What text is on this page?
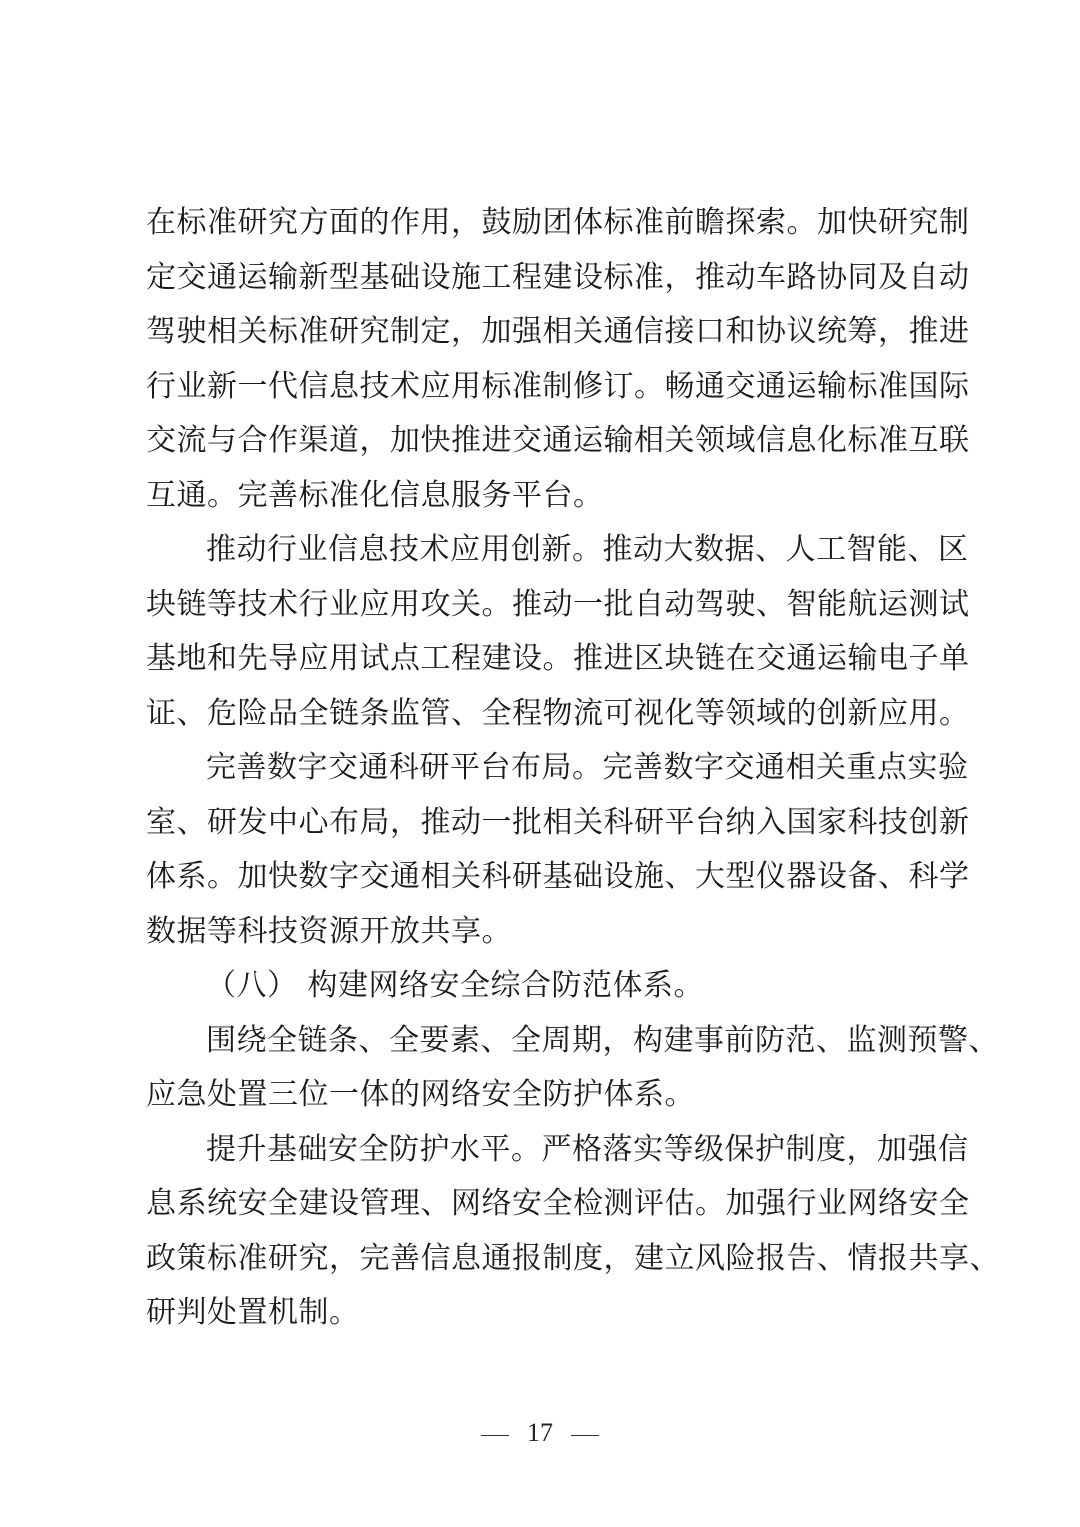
在标准研究方面的作用，鼓励团体标准前瞻探索。加快研究制
定交通运输新型基础设施工程建设标准，推动车路协同及自动
驾驶相关标准研究制定，加强相关通信接口和协议统筹，推进
行业新一代信息技术应用标准制修订。畅通交通运输标准国际
交流与合作渠道，加快推进交通运输相关领域信息化标准互联
互通。完善标准化信息服务平台。
推动行业信息技术应用创新。推动大数据、人工智能、区
块链等技术行业应用攻关。推动一批自动驾驶、智能航运测试
基地和先导应用试点工程建设。推进区块链在交通运输电子单
证、危险品全链条监管、全程物流可视化等领域的创新应用。
完善数字交通科研平台布局。完善数字交通相关重点实验
室、研发中心布局，推动一批相关科研平台纳入国家科技创新
体系。加快数字交通相关科研基础设施、大型仪器设备、科学
数据等科技资源开放共享。
（八） 构建网络安全综合防范体系。
围绕全链条、全要素、全周期，构建事前防范、监测预警、
应急处置三位一体的网络安全防护体系。
提升基础安全防护水平。严格落实等级保护制度，加强信
息系统安全建设管理、网络安全检测评估。加强行业网络安全
政策标准研究，完善信息通报制度，建立风险报告、情报共享、
研判处置机制。
17
